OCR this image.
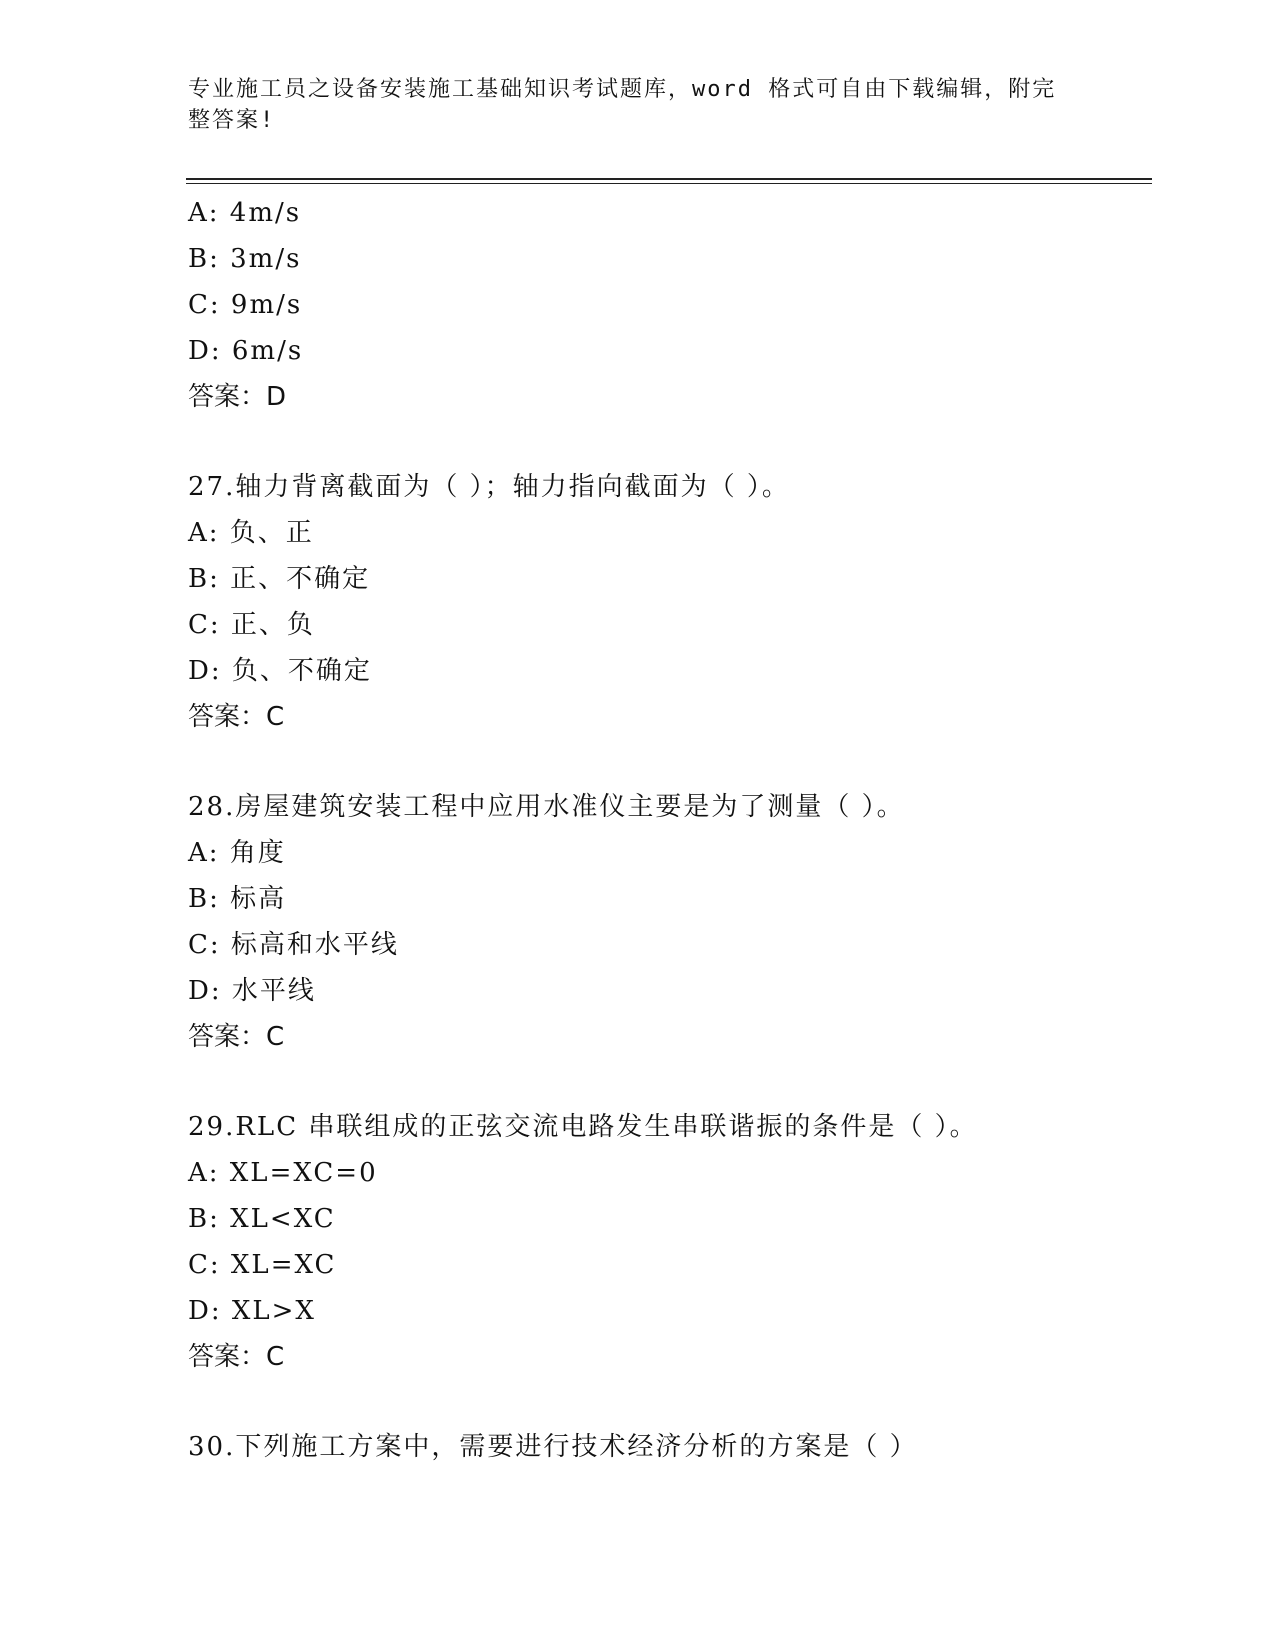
专业施工员之设备安装施工基础知识考试题库，word 格式可自由下载编辑，附完整答案!

A: 4m/s

B: 3m/s

C: 9m/s

D: 6m/s

答案：D

27.轴力背离截面为（ ）；轴力指向截面为（ ）。

A: 负、正

B: 正、不确定

C: 正、负

D: 负、不确定

答案：C

28.房屋建筑安装工程中应用水准仪主要是为了测量（ ）。

A: 角度

B: 标高

C: 标高和水平线

D: 水平线

答案：C

29.RLC 串联组成的正弦交流电路发生串联谐振的条件是（ ）。

A: XL=XC=0

B: XL<XC

C: XL=XC

D: XL>X

答案：C

30.下列施工方案中，需要进行技术经济分析的方案是（ ）
